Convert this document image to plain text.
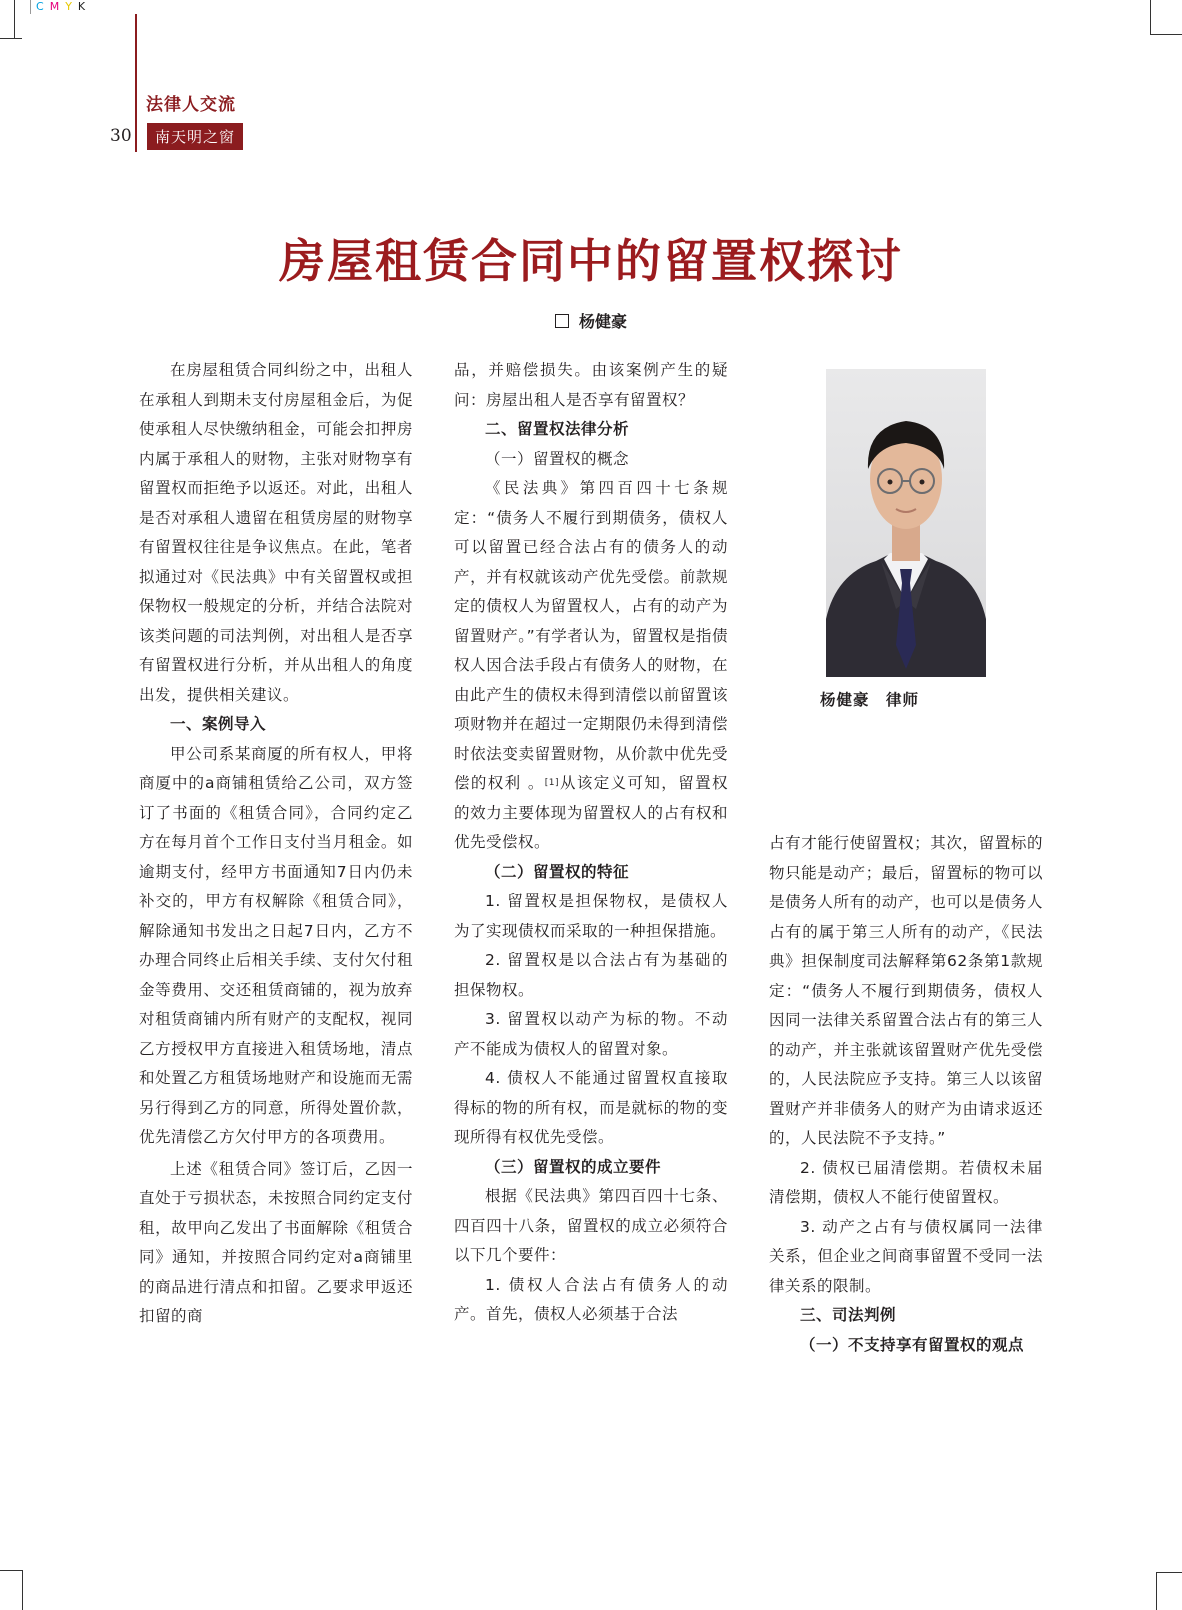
CMYK
法律人交流
30	南天明之窗
房屋租赁合同中的留置权探讨
杨健豪

在房屋租赁合同纠纷之中，出租人在承租人到期未支付房屋租金后，为促使承租人尽快缴纳租金，可能会扣押房内属于承租人的财物，主张对财物享有留置权而拒绝予以返还。对此，出租人是否对承租人遗留在租赁房屋的财物享有留置权往往是争议焦点。在此，笔者拟通过对《民法典》中有关留置权或担保物权一般规定的分析，并结合法院对该类问题的司法判例，对出租人是否享有留置权进行分析，并从出租人的角度出发，提供相关建议。

一、案例导入

甲公司系某商厦的所有权人，甲将商厦中的a商铺租赁给乙公司，双方签订了书面的《租赁合同》，合同约定乙方在每月首个工作日支付当月租金。如逾期支付，经甲方书面通知7日内仍未补交的，甲方有权解除《租赁合同》，解除通知书发出之日起7日内，乙方不办理合同终止后相关手续、支付欠付租金等费用、交还租赁商铺的，视为放弃对租赁商铺内所有财产的支配权，视同乙方授权甲方直接进入租赁场地，清点和处置乙方租赁场地财产和设施而无需另行得到乙方的同意，所得处置价款，优先清偿乙方欠付甲方的各项费用。

上述《租赁合同》签订后，乙因一直处于亏损状态，未按照合同约定支付租，故甲向乙发出了书面解除《租赁合同》通知，并按照合同约定对a商铺里的商品进行清点和扣留。乙要求甲返还扣留的商

品，并赔偿损失。由该案例产生的疑问：房屋出租人是否享有留置权？

二、留置权法律分析

（一）留置权的概念

《民法典》第四百四十七条规定：“债务人不履行到期债务，债权人可以留置已经合法占有的债务人的动产，并有权就该动产优先受偿。前款规定的债权人为留置权人，占有的动产为留置财产。”有学者认为，留置权是指债权人因合法手段占有债务人的财物，在由此产生的债权未得到清偿以前留置该项财物并在超过一定期限仍未得到清偿时依法变卖留置财物，从价款中优先受偿的权利 。[1]从该定义可知，留置权的效力主要体现为留置权人的占有权和优先受偿权。

（二）留置权的特征

1. 留置权是担保物权，是债权人为了实现债权而采取的一种担保措施。

2. 留置权是以合法占有为基础的担保物权。

3. 留置权以动产为标的物。不动产不能成为债权人的留置对象。

4. 债权人不能通过留置权直接取得标的物的所有权，而是就标的物的变现所得有权优先受偿。

（三）留置权的成立要件

根据《民法典》第四百四十七条、四百四十八条，留置权的成立必须符合以下几个要件：

1. 债权人合法占有债务人的动产。首先，债权人必须基于合法

杨健豪　律师

占有才能行使留置权；其次，留置标的物只能是动产；最后，留置标的物可以是债务人所有的动产，也可以是债务人占有的属于第三人所有的动产，《民法典》担保制度司法解释第62条第1款规定：“债务人不履行到期债务，债权人因同一法律关系留置合法占有的第三人的动产，并主张就该留置财产优先受偿的，人民法院应予支持。第三人以该留置财产并非债务人的财产为由请求返还的，人民法院不予支持。”

2. 债权已届清偿期。若债权未届清偿期，债权人不能行使留置权。

3. 动产之占有与债权属同一法律关系，但企业之间商事留置不受同一法律关系的限制。

三、司法判例

（一）不支持享有留置权的观点
